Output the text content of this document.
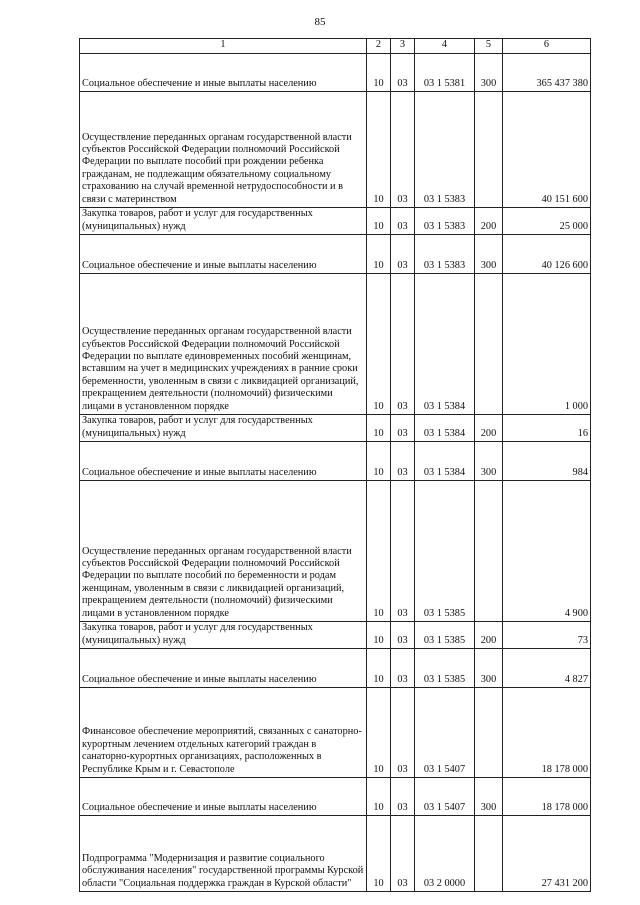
85
1	2	3	4	5	6
Социальное обеспечение и иные выплаты населению	10	03	03 1 5381	300	365 437 380
Осуществление переданных органам государственной власти субъектов Российской Федерации полномочий Российской Федерации по выплате пособий при рождении ребенка гражданам, не подлежащим обязательному социальному страхованию на случай временной нетрудоспособности и в связи с материнством	10	03	03 1 5383		40 151 600
Закупка товаров, работ и услуг для государственных (муниципальных) нужд	10	03	03 1 5383	200	25 000
Социальное обеспечение и иные выплаты населению	10	03	03 1 5383	300	40 126 600
Осуществление переданных органам государственной власти субъектов Российской Федерации полномочий Российской Федерации по выплате единовременных пособий женщинам, вставшим на учет в медицинских учреждениях в ранние сроки беременности, уволенным в связи с ликвидацией организаций, прекращением деятельности (полномочий) физическими лицами в установленном порядке	10	03	03 1 5384		1 000
Закупка товаров, работ и услуг для государственных (муниципальных) нужд	10	03	03 1 5384	200	16
Социальное обеспечение и иные выплаты населению	10	03	03 1 5384	300	984
Осуществление переданных органам государственной власти субъектов Российской Федерации полномочий Российской Федерации по выплате пособий по беременности и родам женщинам, уволенным в связи с ликвидацией организаций, прекращением деятельности (полномочий) физическими лицами в установленном порядке	10	03	03 1 5385		4 900
Закупка товаров, работ и услуг для государственных (муниципальных) нужд	10	03	03 1 5385	200	73
Социальное обеспечение и иные выплаты населению	10	03	03 1 5385	300	4 827
Финансовое обеспечение мероприятий, связанных с санаторно-курортным лечением отдельных категорий граждан в санаторно-курортных организациях, расположенных в Республике Крым и г. Севастополе	10	03	03 1 5407		18 178 000
Социальное обеспечение и иные выплаты населению	10	03	03 1 5407	300	18 178 000
Подпрограмма "Модернизация и развитие социального обслуживания населения" государственной программы Курской области "Социальная поддержка граждан в Курской области"	10	03	03 2 0000		27 431 200
